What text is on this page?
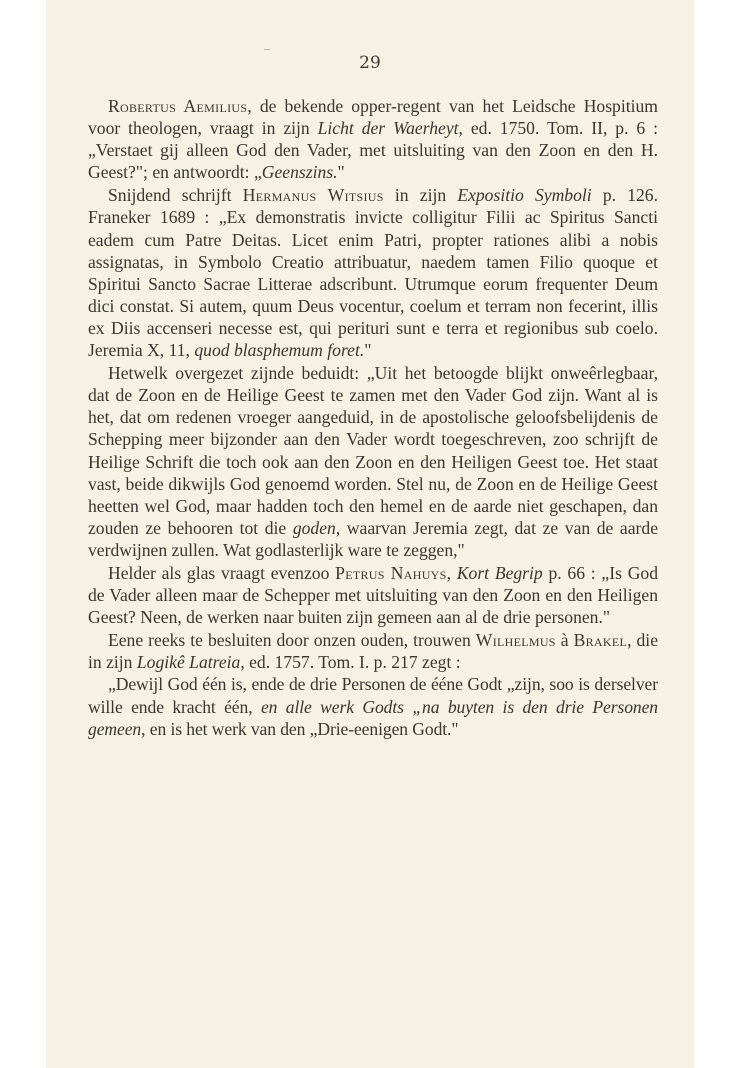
29

Robertus Aemilius, de bekende opper-regent van het Leidsche Hospitium voor theologen, vraagt in zijn Licht der Waerheyt, ed. 1750. Tom. II, p. 6 : „Verstaet gij alleen God den Vader, met uitsluiting van den Zoon en den H. Geest?"; en antwoordt: „Geenszins."

Snijdend schrijft Hermanus Witsius in zijn Expositio Symboli p. 126. Franeker 1689 : „Ex demonstratis invicte colligitur Filii ac Spiritus Sancti eadem cum Patre Deitas. Licet enim Patri, propter rationes alibi a nobis assignatas, in Symbolo Creatio attribuatur, naedem tamen Filio quoque et Spiritui Sancto Sacrae Litterae adscribunt. Utrumque eorum frequenter Deum dici constat. Si autem, quum Deus vocentur, coelum et terram non fecerint, illis ex Diis accenseri necesse est, qui perituri sunt e terra et regionibus sub coelo. Jeremia X, 11, quod blasphemum foret."

Hetwelk overgezet zijnde beduidt: „Uit het betoogde blijkt onweêrlegbaar, dat de Zoon en de Heilige Geest te zamen met den Vader God zijn. Want al is het, dat om redenen vroeger aangeduid, in de apostolische geloofsbelijdenis de Schepping meer bijzonder aan den Vader wordt toegeschreven, zoo schrijft de Heilige Schrift die toch ook aan den Zoon en den Heiligen Geest toe. Het staat vast, beide dikwijls God genoemd worden. Stel nu, de Zoon en de Heilige Geest heetten wel God, maar hadden toch den hemel en de aarde niet geschapen, dan zouden ze behooren tot die goden, waarvan Jeremia zegt, dat ze van de aarde verdwijnen zullen. Wat godlasterlijk ware te zeggen,"

Helder als glas vraagt evenzoo Petrus Nahuys, Kort Begrip p. 66 : „Is God de Vader alleen maar de Schepper met uitsluiting van den Zoon en den Heiligen Geest? Neen, de werken naar buiten zijn gemeen aan al de drie personen."

Eene reeks te besluiten door onzen ouden, trouwen Wilhelmus à Brakel, die in zijn Logikê Latreia, ed. 1757. Tom. I. p. 217 zegt :

„Dewijl God één is, ende de drie Personen de ééne Godt „zijn, soo is derselver wille ende kracht één, en alle werk Godts „na buyten is den drie Personen gemeen, en is het werk van den „Drie-eenigen Godt."
